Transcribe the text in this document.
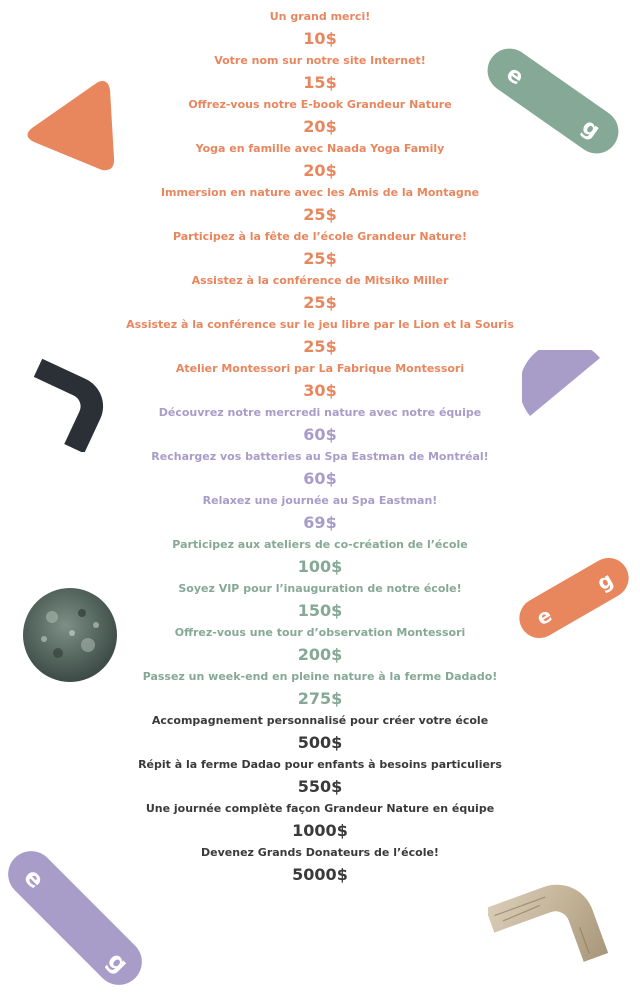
e
g
e
g
e
g
Un grand merci!
10$
Votre nom sur notre site Internet!
15$
Offrez-vous notre E-book Grandeur Nature
20$
Yoga en famille avec Naada Yoga Family
20$
Immersion en nature avec les Amis de la Montagne
25$
Participez à la fête de l’école Grandeur Nature!
25$
Assistez à la conférence de Mitsiko Miller
25$
Assistez à la conférence sur le jeu libre par le Lion et la Souris
25$
Atelier Montessori par La Fabrique Montessori
30$
Découvrez notre mercredi nature avec notre équipe
60$
Rechargez vos batteries au Spa Eastman de Montréal!
60$
Relaxez une journée au Spa Eastman!
69$
Participez aux ateliers de co-création de l’école
100$
Soyez VIP pour l’inauguration de notre école!
150$
Offrez-vous une tour d’observation Montessori
200$
Passez un week-end en pleine nature à la ferme Dadado!
275$
Accompagnement personnalisé pour créer votre école
500$
Répit à la ferme Dadao pour enfants à besoins particuliers
550$
Une journée complète façon Grandeur Nature en équipe
1000$
Devenez Grands Donateurs de l’école!
5000$
